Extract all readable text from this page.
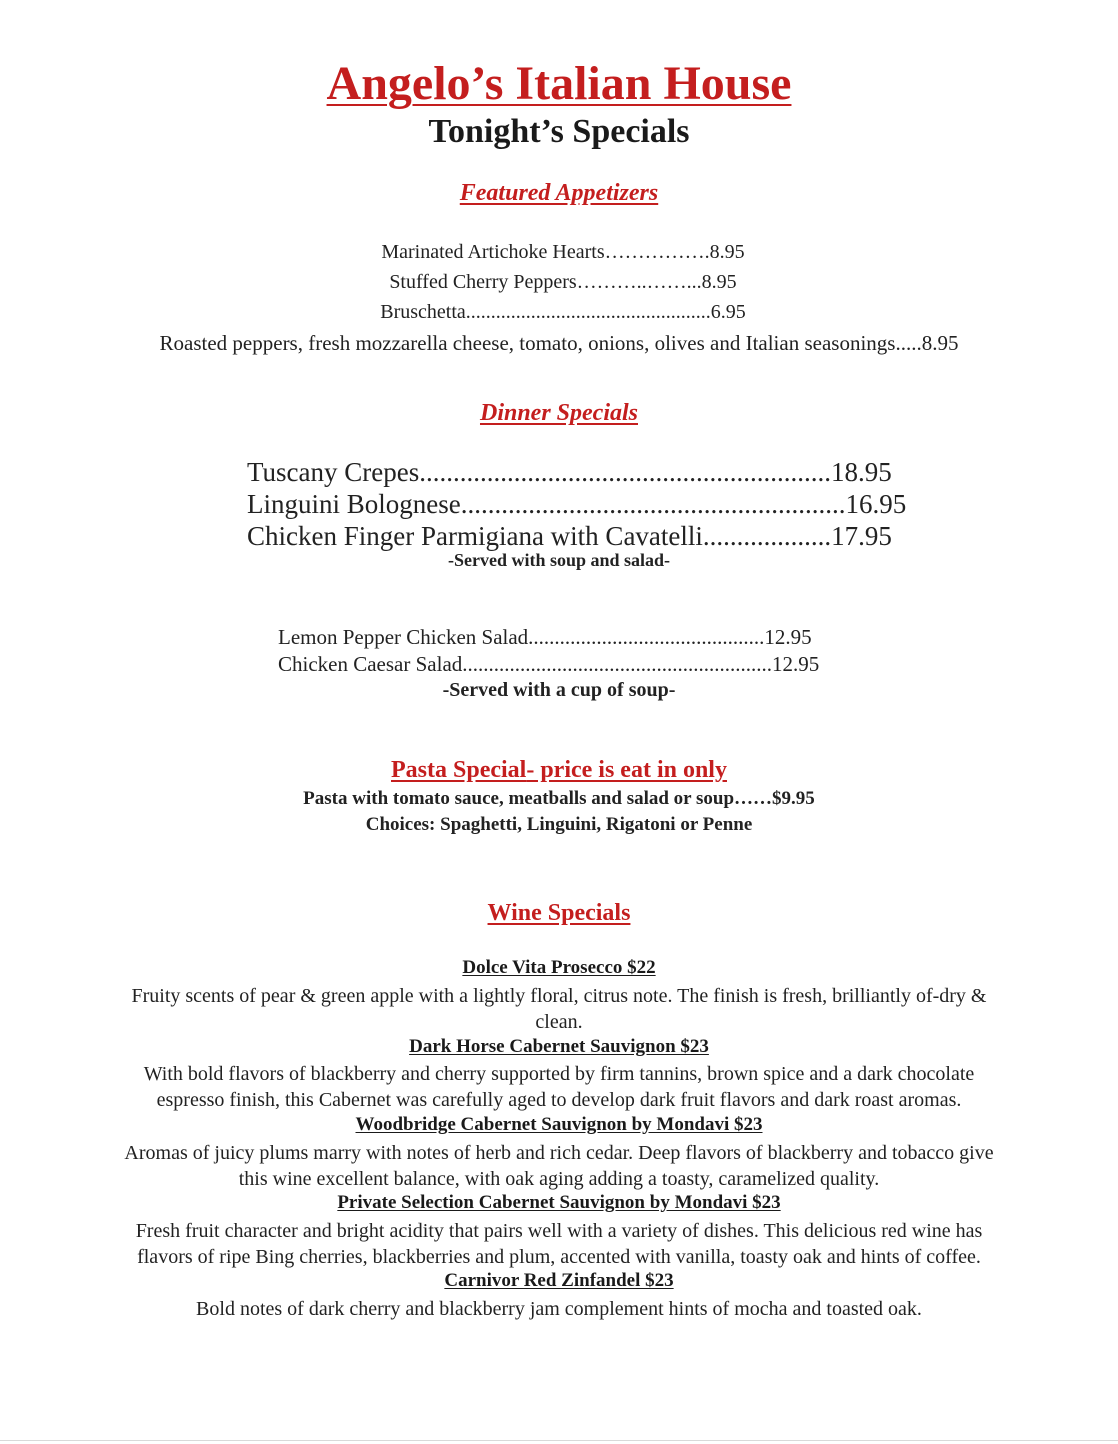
Angelo’s Italian House
Tonight’s Specials
Featured Appetizers
Marinated Artichoke Hearts…………….8.95
Stuffed Cherry Peppers………..……...8.95
Bruschetta.................................................6.95
Roasted peppers, fresh mozzarella cheese, tomato, onions, olives and Italian seasonings.....8.95
Dinner Specials
Tuscany Crepes.............................................................18.95
Linguini Bolognese.........................................................16.95
Chicken Finger Parmigiana with Cavatelli...................17.95
-Served with soup and salad-
Lemon Pepper Chicken Salad.............................................12.95
Chicken Caesar Salad...........................................................12.95
-Served with a cup of soup-
Pasta Special- price is eat in only
Pasta with tomato sauce, meatballs and salad or soup……$9.95
Choices: Spaghetti, Linguini, Rigatoni or Penne
Wine Specials
Dolce Vita Prosecco $22
Fruity scents of pear & green apple with a lightly floral, citrus note. The finish is fresh, brilliantly of-dry &
clean.
Dark Horse Cabernet Sauvignon $23
With bold flavors of blackberry and cherry supported by firm tannins, brown spice and a dark chocolate
espresso finish, this Cabernet was carefully aged to develop dark fruit flavors and dark roast aromas.
Woodbridge Cabernet Sauvignon by Mondavi $23
Aromas of juicy plums marry with notes of herb and rich cedar. Deep flavors of blackberry and tobacco give
this wine excellent balance, with oak aging adding a toasty, caramelized quality.
Private Selection Cabernet Sauvignon by Mondavi $23
Fresh fruit character and bright acidity that pairs well with a variety of dishes. This delicious red wine has
flavors of ripe Bing cherries, blackberries and plum, accented with vanilla, toasty oak and hints of coffee.
Carnivor Red Zinfandel $23
Bold notes of dark cherry and blackberry jam complement hints of mocha and toasted oak.
